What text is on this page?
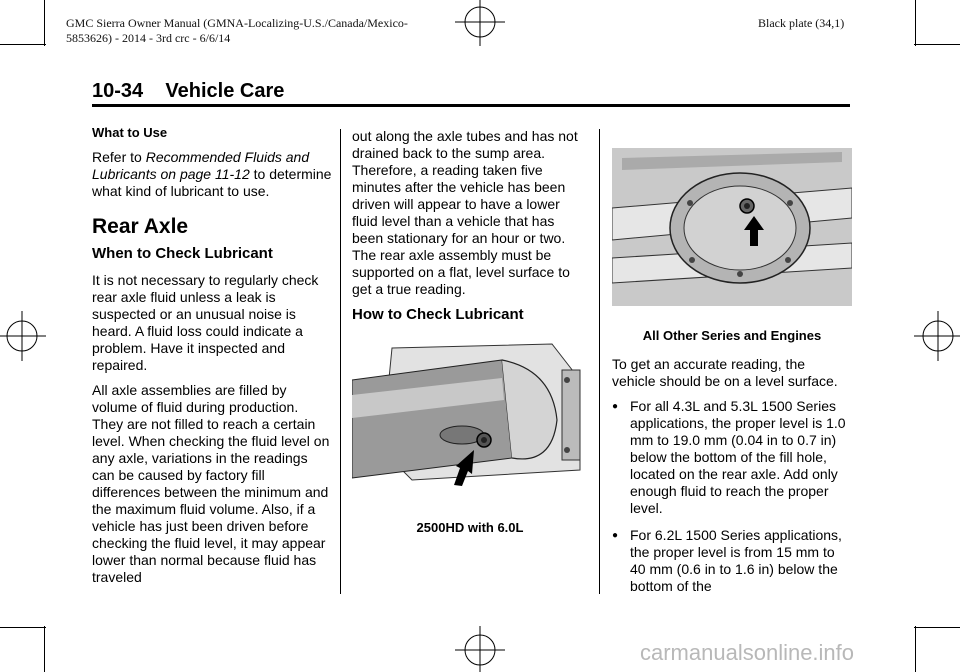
GMC Sierra Owner Manual (GMNA-Localizing-U.S./Canada/Mexico-
5853626) - 2014 - 3rd crc - 6/6/14
Black plate (34,1)
10-34 Vehicle Care
What to Use

Refer to Recommended Fluids and Lubricants on page 11-12 to determine what kind of lubricant to use.

Rear Axle
When to Check Lubricant

It is not necessary to regularly check rear axle fluid unless a leak is suspected or an unusual noise is heard. A fluid loss could indicate a problem. Have it inspected and repaired.

All axle assemblies are filled by volume of fluid during production. They are not filled to reach a certain level. When checking the fluid level on any axle, variations in the readings can be caused by factory fill differences between the minimum and the maximum fluid volume. Also, if a vehicle has just been driven before checking the fluid level, it may appear lower than normal because fluid has traveled

out along the axle tubes and has not drained back to the sump area. Therefore, a reading taken five minutes after the vehicle has been driven will appear to have a lower fluid level than a vehicle that has been stationary for an hour or two. The rear axle assembly must be supported on a flat, level surface to get a true reading.

How to Check Lubricant
2500HD with 6.0L
All Other Series and Engines

To get an accurate reading, the vehicle should be on a level surface.

● For all 4.3L and 5.3L 1500 Series applications, the proper level is 1.0 mm to 19.0 mm (0.04 in to 0.7 in) below the bottom of the fill hole, located on the rear axle. Add only enough fluid to reach the proper level.
● For 6.2L 1500 Series applications, the proper level is from 15 mm to 40 mm (0.6 in to 1.6 in) below the bottom of the
carmanualsonline.info
